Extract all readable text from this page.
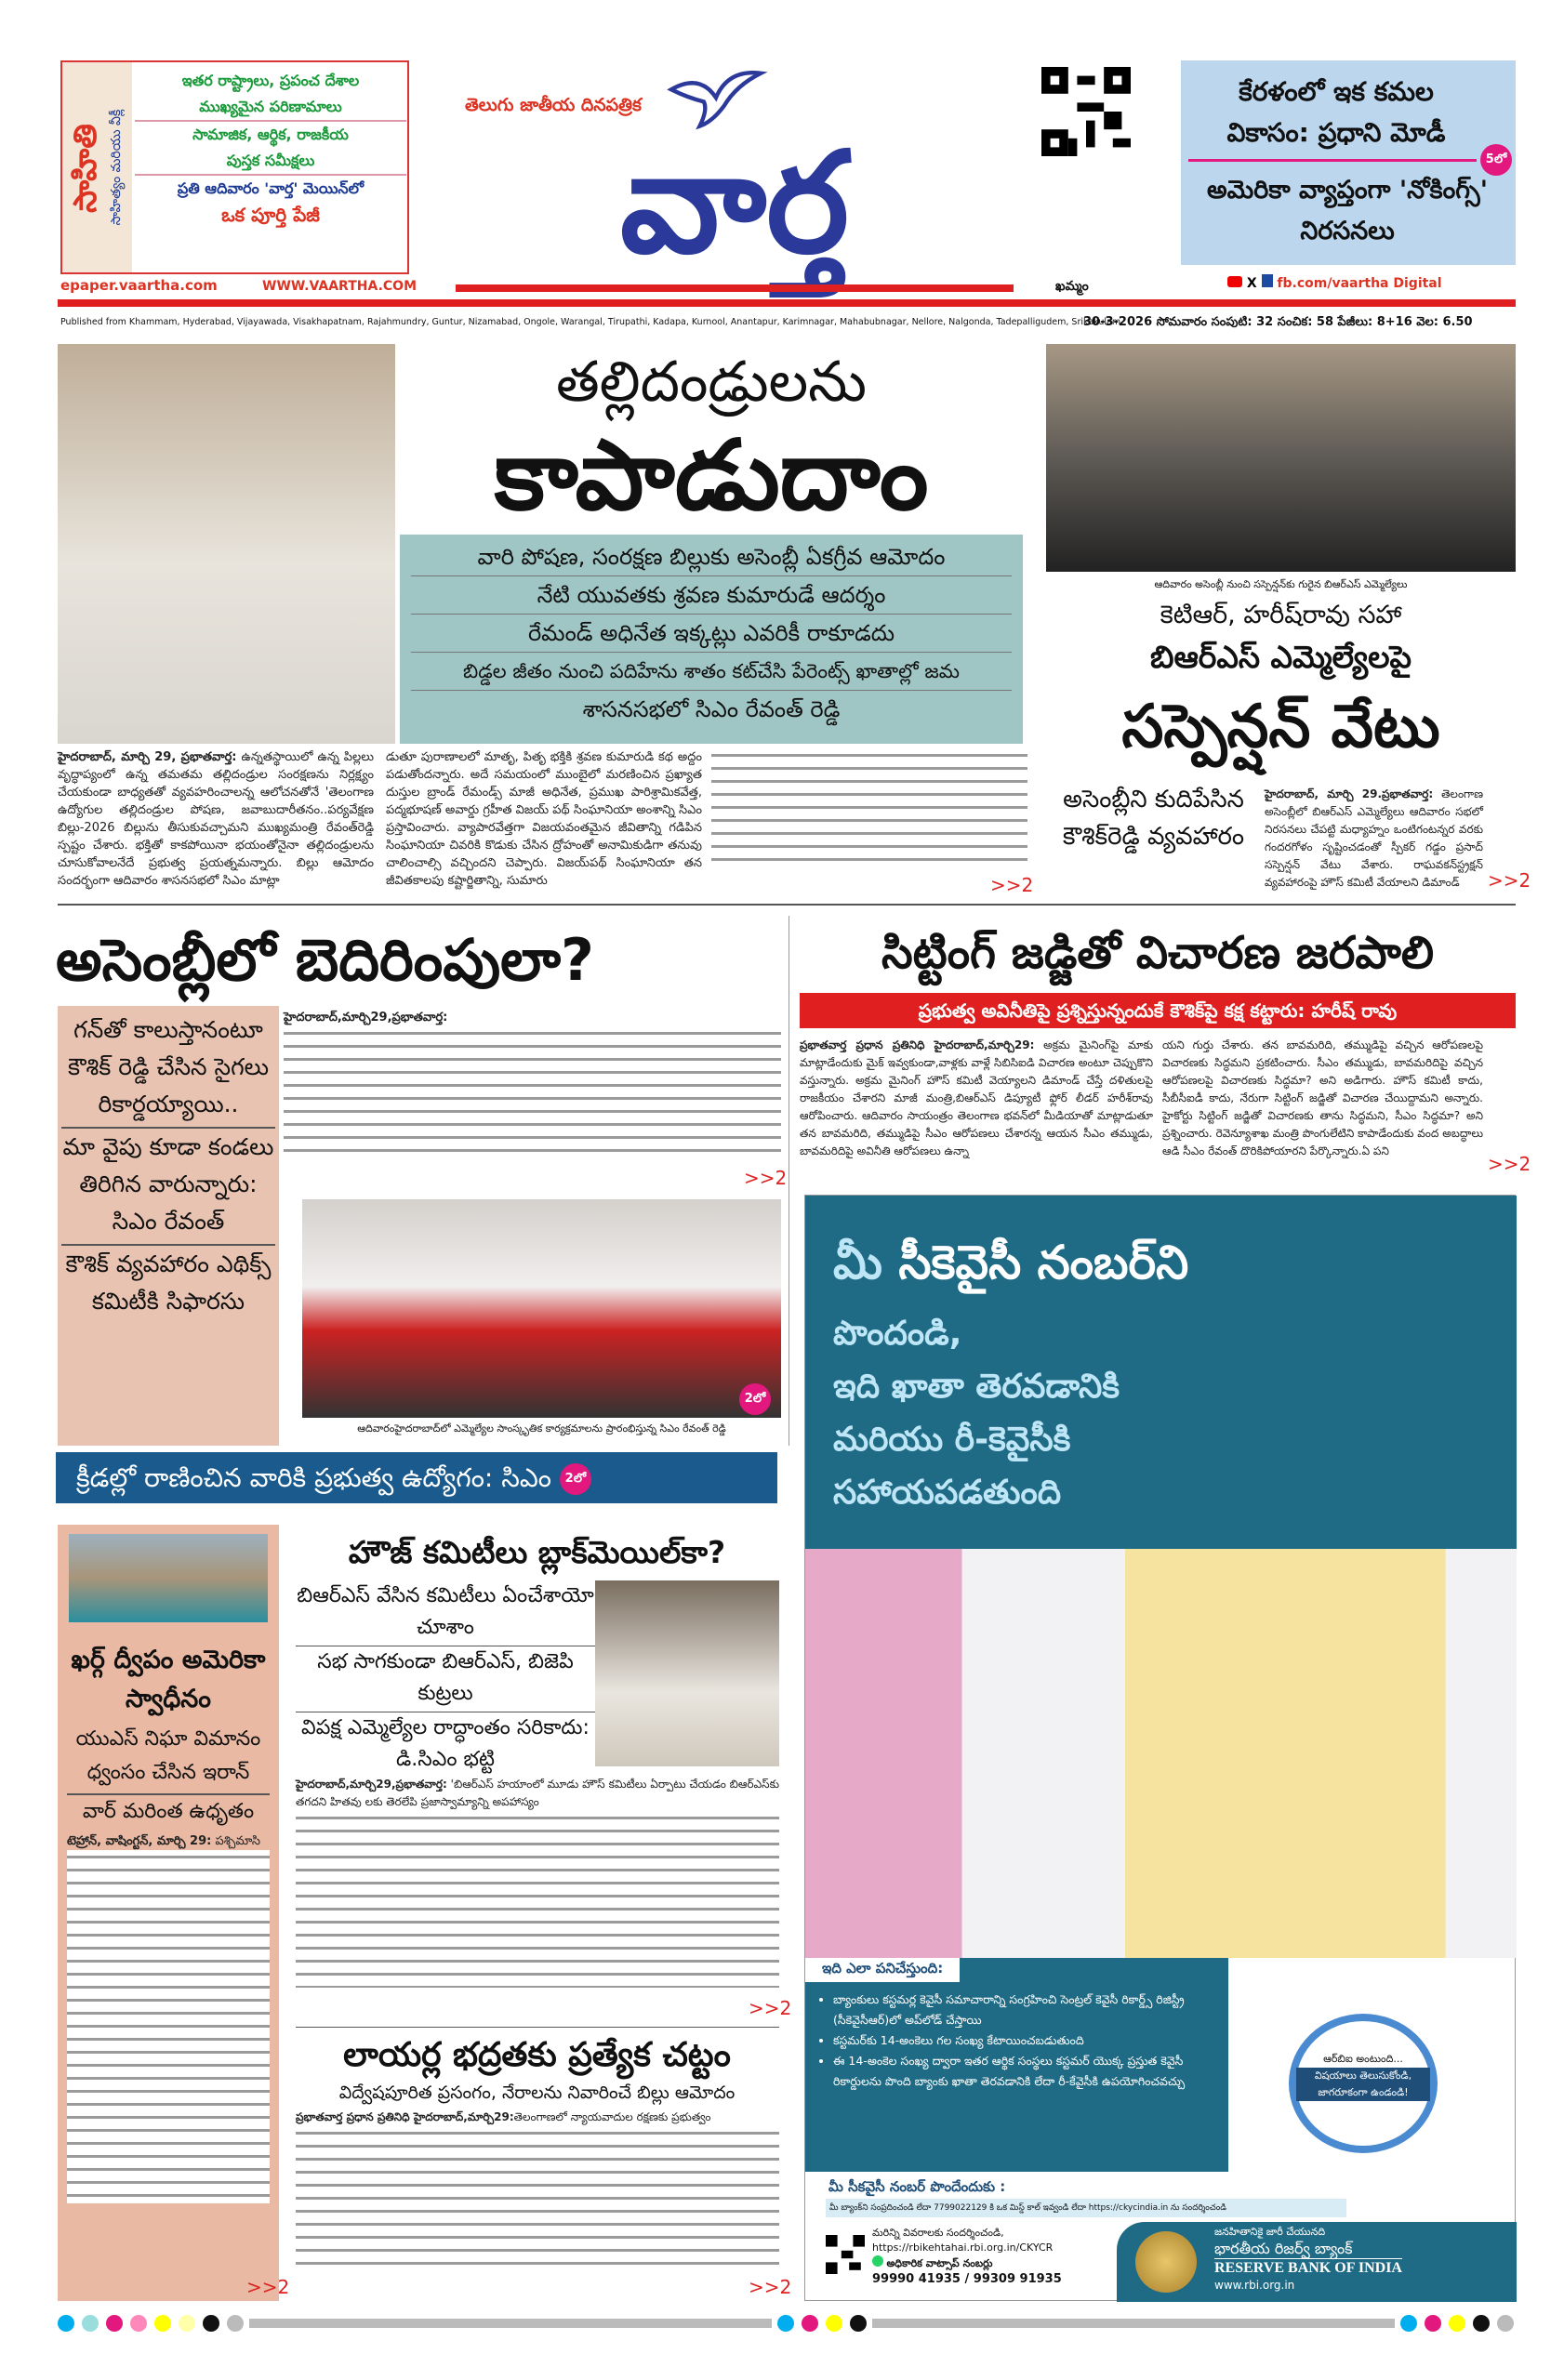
సాహితి సాహిత్యం మరియు వీక్లీ
ఇతర రాష్ట్రాలు, ప్రపంచ దేశాల
ముఖ్యమైన పరిణామాలు
సామాజిక, ఆర్థిక, రాజకీయ
పుస్తక సమీక్షలు
ప్రతి ఆదివారం 'వార్త' మెయిన్‌లో
ఒక పూర్తి పేజీ
epaper.vaartha.com	WWW.VAARTHA.COM
తెలుగు జాతీయ దినపత్రిక
వార్త
ఖమ్మం
కేరళంలో ఇక కమల వికాసం: ప్రధాని మోడీ
5లో
అమెరికా వ్యాప్తంగా 'నోకింగ్స్' నిరసనలు
X fb.com/vaartha Digital
Published from Khammam, Hyderabad, Vijayawada, Visakhapatnam, Rajahmundry, Guntur, Nizamabad, Ongole, Warangal, Tirupathi, Kadapa, Kurnool, Anantapur, Karimnagar, Mahabubnagar, Nellore, Nalgonda, Tadepalligudem, Srikakulam
30-3-2026 సోమవారం సంపుటి: 32 సంచిక: 58 పేజీలు: 8+16 వెల: 6.50
తల్లిదండ్రులను
కాపాడుదాం
వారి పోషణ, సంరక్షణ బిల్లుకు అసెంబ్లీ ఏకగ్రీవ ఆమోదం
నేటి యువతకు శ్రవణ కుమారుడే ఆదర్శం
రేమండ్ అధినేత ఇక్కట్లు ఎవరికీ రాకూడదు
బిడ్డల జీతం నుంచి పదిహేను శాతం కట్‌చేసి పేరెంట్స్ ఖాతాల్లో జమ
శాసనసభలో సిఎం రేవంత్ రెడ్డి
హైదరాబాద్, మార్చి 29, ప్రభాతవార్త: ఉన్నతస్థాయిలో ఉన్న పిల్లలు వృద్ధాప్యంలో ఉన్న తమతమ తల్లిదండ్రుల సంరక్షణను నిర్లక్ష్యం చేయకుండా బాధ్యతతో వ్యవహరించాలన్న ఆలోచనతోనే 'తెలంగాణ ఉద్యోగుల తల్లిదండ్రుల పోషణ, జవాబుదారీతనం..పర్యవేక్షణ బిల్లు-2026 బిల్లును తీసుకువచ్చామని ముఖ్యమంత్రి రేవంత్‌రెడ్డి స్పష్టం చేశారు. భక్తితో కాకపోయినా భయంతోనైనా తల్లిదండ్రులను చూసుకోవాలనేదే ప్రభుత్వ ప్రయత్నమన్నారు. బిల్లు ఆమోదం సందర్భంగా ఆదివారం శాసనసభలో సిఎం మాట్లా
డుతూ పురాణాలలో మాతృ, పితృ భక్తికి శ్రవణ కుమారుడి కథ అద్దం పడుతోందన్నారు. అదే సమయంలో ముంబైలో మరణించిన ప్రఖ్యాత దుస్తుల బ్రాండ్ రేమండ్స్ మాజీ అధినేత, ప్రముఖ పారిశ్రామికవేత్త, పద్మభూషణ్ అవార్డు గ్రహీత విజయ్ పథ్ సింఘానియా అంశాన్ని సిఎం ప్రస్తావించారు. వ్యాపారవేత్తగా విజయవంతమైన జీవితాన్ని గడిపిన సింఘానియా చివరికి కొడుకు చేసిన ద్రోహంతో అనామికుడిగా తనువు చాలించాల్సి వచ్చిందని చెప్పారు. విజయ్‌పథ్ సింఘానియా తన జీవితకాలపు కష్టార్జితాన్ని, సుమారు	>>2
ఆదివారం అసెంబ్లీ నుంచి సస్పెన్షన్‌కు గురైన బిఆర్‌ఎస్ ఎమ్మెల్యేలు
కెటిఆర్, హరీష్‌రావు సహా
బిఆర్‌ఎస్ ఎమ్మెల్యేలపై
సస్పెన్షన్ వేటు
అసెంబ్లీని కుదిపేసిన కౌశిక్‌రెడ్డి వ్యవహారం
హైదరాబాద్, మార్చి 29.ప్రభాతవార్త: తెలంగాణ అసెంబ్లీలో బిఆర్‌ఎస్ ఎమ్మెల్యేలు ఆదివారం సభలో నిరసనలు చేపట్టి మధ్యాహ్నం ఒంటిగంటన్నర వరకు గందరగోళం సృష్టించడంతో స్పీకర్ గడ్డం ప్రసాద్ సస్పెన్షన్ వేటు వేశారు. రాఘవకన్‌స్ట్రక్షన్ వ్యవహారంపై హౌస్ కమిటీ వేయాలని డిమాండ్	>>2
అసెంబ్లీలో బెదిరింపులా?
గన్‌తో కాలుస్తానంటూ కౌశిక్ రెడ్డి చేసిన సైగలు రికార్డయ్యాయి..
మా వైపు కూడా కండలు తిరిగిన వారున్నారు: సిఎం రేవంత్
కౌశిక్ వ్యవహారం ఎథిక్స్ కమిటీకి సిఫారసు
హైదరాబాద్,మార్చి29,ప్రభాతవార్త:
>>2
2లో
ఆదివారంహైదరాబాద్‌లో ఎమ్మెల్యేల సాంస్కృతిక కార్యక్రమాలను ప్రారంభిస్తున్న సిఎం రేవంత్ రెడ్డి
సిట్టింగ్ జడ్జితో విచారణ జరపాలి
ప్రభుత్వ అవినీతిపై ప్రశ్నిస్తున్నందుకే కౌశిక్‌పై కక్ష కట్టారు: హరీష్ రావు
ప్రభాతవార్త ప్రధాన ప్రతినిధి హైదరాబాద్,మార్చి29: అక్రమ మైనింగ్‌పై మాకు మాట్లాడేందుకు మైక్ ఇవ్వకుండా,వాళ్లకు వాళ్లే సిబిసిఐడి విచారణ అంటూ చెప్పుకొని వస్తున్నారు. అక్రమ మైనింగ్ హౌస్ కమిటీ వెయ్యాలని డిమాండ్ చేస్తే దళితులపై రాజకీయం చేశారని మాజీ మంత్రి,బిఆర్‌ఎస్ డిప్యూటీ ఫ్లోర్ లీడర్ హరీశ్‌రావు ఆరోపించారు. ఆదివారం సాయంత్రం తెలంగాణ భవన్‌లో మీడియాతో మాట్లాడుతూ తన బావమరిది, తమ్ముడిపై సీఎం ఆరోపణలు చేశారన్న ఆయన సీఎం తమ్ముడు, బావమరిదిపై అవినీతి ఆరోపణలు ఉన్నా
యని గుర్తు చేశారు. తన బావమరిది, తమ్ముడిపై వచ్చిన ఆరోపణలపై విచారణకు సిద్ధమని ప్రకటించారు. సీఎం తమ్ముడు, బావమరిదిపై వచ్చిన ఆరోపణలపై విచారణకు సిద్ధమా? అని అడిగారు. హౌస్ కమిటీ కాదు, సీబీసీఐడీ కాదు, నేరుగా సిట్టింగ్ జడ్జితో విచారణ చేయిద్దామని అన్నారు. హైకోర్టు సిట్టింగ్ జడ్జితో విచారణకు తాను సిద్ధమని, సీఎం సిద్ధమా? అని ప్రశ్నించారు. రెవెన్యూశాఖ మంత్రి పొంగులేటిని కాపాడేందుకు వంద అబద్ధాలు ఆడి సీఎం రేవంత్ దొరికిపోయారని పేర్కొన్నారు.ఏ పని
>>2
క్రీడల్లో రాణించిన వారికి ప్రభుత్వ ఉద్యోగం: సిఎం 2లో
ఖర్గ్ ద్వీపం అమెరికా స్వాధీనం
యుఎస్ నిఘా విమానం ధ్వంసం చేసిన ఇరాన్
వార్ మరింత ఉధృతం
టెహ్రాన్, వాషింగ్టన్, మార్చి 29: పశ్చిమాసి
>>2
హౌజ్ కమిటీలు బ్లాక్‌మెయిల్‌కా?
బిఆర్‌ఎస్ వేసిన కమిటీలు ఏంచేశాయో చూశాం
సభ సాగకుండా బిఆర్‌ఎస్, బిజెపి కుట్రలు
విపక్ష ఎమ్మెల్యేల రాద్ధాంతం సరికాదు: డి.సిఎం భట్టి
హైదరాబాద్,మార్చి29,ప్రభాతవార్త: 'బిఆర్‌ఎస్ హయాంలో మూడు హౌస్ కమిటీలు ఏర్పాటు చేయడం బిఆర్‌ఎస్‌కు తగదని హితవు లకు తెరలేపి ప్రజాస్వామ్యాన్ని అపహాస్యం
>>2
లాయర్ల భద్రతకు ప్రత్యేక చట్టం
విద్వేషపూరిత ప్రసంగం, నేరాలను నివారించే బిల్లు ఆమోదం
ప్రభాతవార్త ప్రధాన ప్రతినిధి హైదరాబాద్,మార్చి29:తెలంగాణలో న్యాయవాదుల రక్షణకు ప్రభుత్వం
>>2
మీ సీకెవైసీ నంబర్‌ని
పొందండి,
ఇది ఖాతా తెరవడానికి
మరియు రీ-కెవైసీకి
సహాయపడతుంది
ఇది ఎలా పనిచేస్తుంది:
• బ్యాంకులు కస్టమర్ల కెవైసీ సమాచారాన్ని సంగ్రహించి సెంట్రల్ కెవైసీ రికార్డ్స్ రిజిస్ట్రీ (సీకెవైసీఆర్)లో అప్‌లోడ్ చేస్తాయి
• కస్టమర్‌కు 14-అంకెలు గల సంఖ్య కేటాయించబడుతుంది
• ఈ 14-అంకెల సంఖ్య ద్వారా ఇతర ఆర్థిక సంస్థలు కస్టమర్ యొక్క ప్రస్తుత కెవైసీ రికార్డులను పొంది బ్యాంకు ఖాతా తెరవడానికి లేదా రీ-కేవైసీకి ఉపయోగించవచ్చు
ఆర్‌బిఐ అంటుంది...
విషయాలు తెలుసుకోండి,
జాగరూకంగా ఉండండి!
మీ సీకవైసీ నంబర్ పొందేందుకు :
మీ బ్యాంక్‌ని సంప్రదించండి లేదా 7799022129 కి ఒక మిస్డ్ కాల్ ఇవ్వండి లేదా https://ckycindia.in ను సందర్శించండి
మరిన్ని వివరాలకు సందర్శించండి,
https://rbikehtahai.rbi.org.in/CKYCR
అధికారిక వాట్సాప్ నంబర్లు
99990 41935 / 99309 91935
జనహితానికై జారీ చేయునది
భారతీయ రిజర్వ్ బ్యాంక్
RESERVE BANK OF INDIA
www.rbi.org.in
